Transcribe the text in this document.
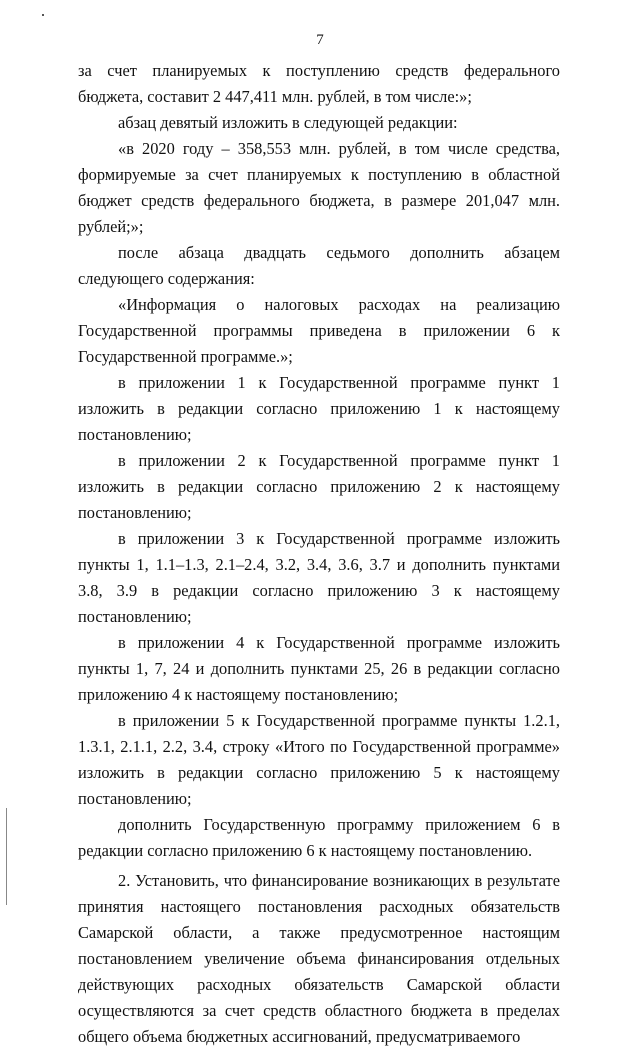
7

за счет планируемых к поступлению средств федерального бюджета, составит 2 447,411 млн. рублей, в том числе:»;

абзац девятый изложить в следующей редакции:

«в 2020 году – 358,553 млн. рублей, в том числе средства, формируемые за счет планируемых к поступлению в областной бюджет средств федерального бюджета, в размере 201,047 млн. рублей;»;

после абзаца двадцать седьмого дополнить абзацем следующего содержания:

«Информация о налоговых расходах на реализацию Государственной программы приведена в приложении 6 к Государственной программе.»;

в приложении 1 к Государственной программе пункт 1 изложить в редакции согласно приложению 1 к настоящему постановлению;

в приложении 2 к Государственной программе пункт 1 изложить в редакции согласно приложению 2 к настоящему постановлению;

в приложении 3 к Государственной программе изложить пункты 1, 1.1–1.3, 2.1–2.4, 3.2, 3.4, 3.6, 3.7 и дополнить пунктами 3.8, 3.9 в редакции согласно приложению 3 к настоящему постановлению;

в приложении 4 к Государственной программе изложить пункты 1, 7, 24 и дополнить пунктами 25, 26 в редакции согласно приложению 4 к настоящему постановлению;

в приложении 5 к Государственной программе пункты 1.2.1, 1.3.1, 2.1.1, 2.2, 3.4, строку «Итого по Государственной программе» изложить в редакции согласно приложению 5 к настоящему постановлению;

дополнить Государственную программу приложением 6 в редакции согласно приложению 6 к настоящему постановлению.

2. Установить, что финансирование возникающих в результате принятия настоящего постановления расходных обязательств Самарской области, а также предусмотренное настоящим постановлением увеличение объема финансирования отдельных действующих расходных обязательств Самарской области осуществляются за счет средств областного бюджета в пределах общего объема бюджетных ассигнований, предусматриваемого
